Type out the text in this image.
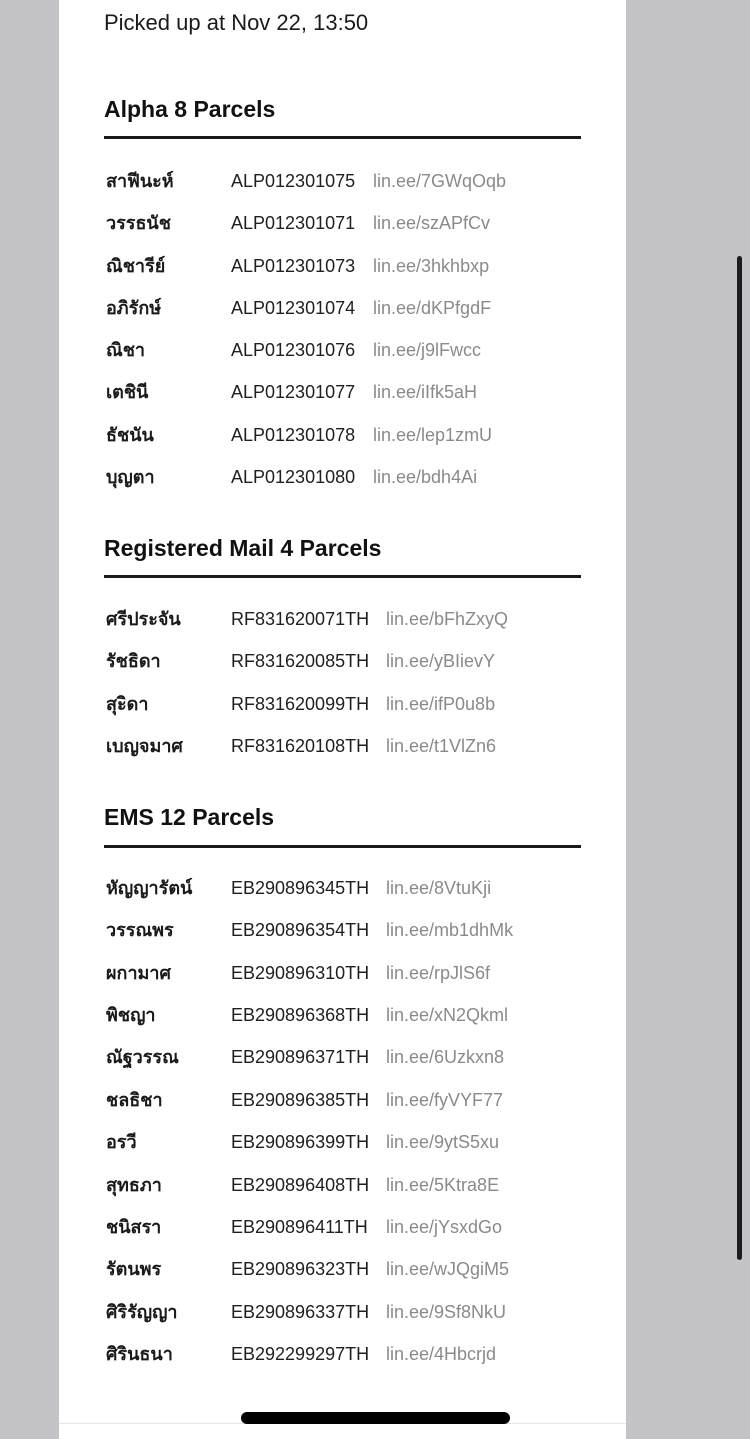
Picked up at Nov 22, 13:50
Alpha 8 Parcels
สาฟีนะห์	ALP012301075 lin.ee/7GWqOqb
วรรธนัช	ALP012301071 lin.ee/szAPfCv
ณิชารีย์	ALP012301073 lin.ee/3hkhbxp
อภิรักษ์	ALP012301074 lin.ee/dKPfgdF
ณิชา	ALP012301076 lin.ee/j9lFwcc
เตชินี	ALP012301077 lin.ee/iIfk5aH
ธัชนัน	ALP012301078 lin.ee/lep1zmU
บุญตา	ALP012301080 lin.ee/bdh4Ai
Registered Mail 4 Parcels
ศรีประจัน	RF831620071TH lin.ee/bFhZxyQ
รัชธิดา	RF831620085TH lin.ee/yBIievY
สุะิดา	RF831620099TH lin.ee/ifP0u8b
เบญจมาศ	RF831620108TH lin.ee/t1VlZn6
EMS 12 Parcels
หัญญารัตน์ EB290896345TH lin.ee/8VtuKji
วรรณพร	EB290896354TH lin.ee/mb1dhMk
ผกามาศ	EB290896310TH lin.ee/rpJlS6f
พิชญา	EB290896368TH lin.ee/xN2Qkml
ณัฐวรรณ	EB290896371TH lin.ee/6Uzkxn8
ชลธิชา	EB290896385TH lin.ee/fyVYF77
อรวี	EB290896399TH lin.ee/9ytS5xu
สุทธภา	EB290896408TH lin.ee/5Ktra8E
ชนิสรา	EB290896411TH lin.ee/jYsxdGo
รัตนพร	EB290896323TH lin.ee/wJQgiM5
ศิริรัญญา	EB290896337TH lin.ee/9Sf8NkU
ศิรินธนา	EB292299297TH lin.ee/4Hbcrjd
